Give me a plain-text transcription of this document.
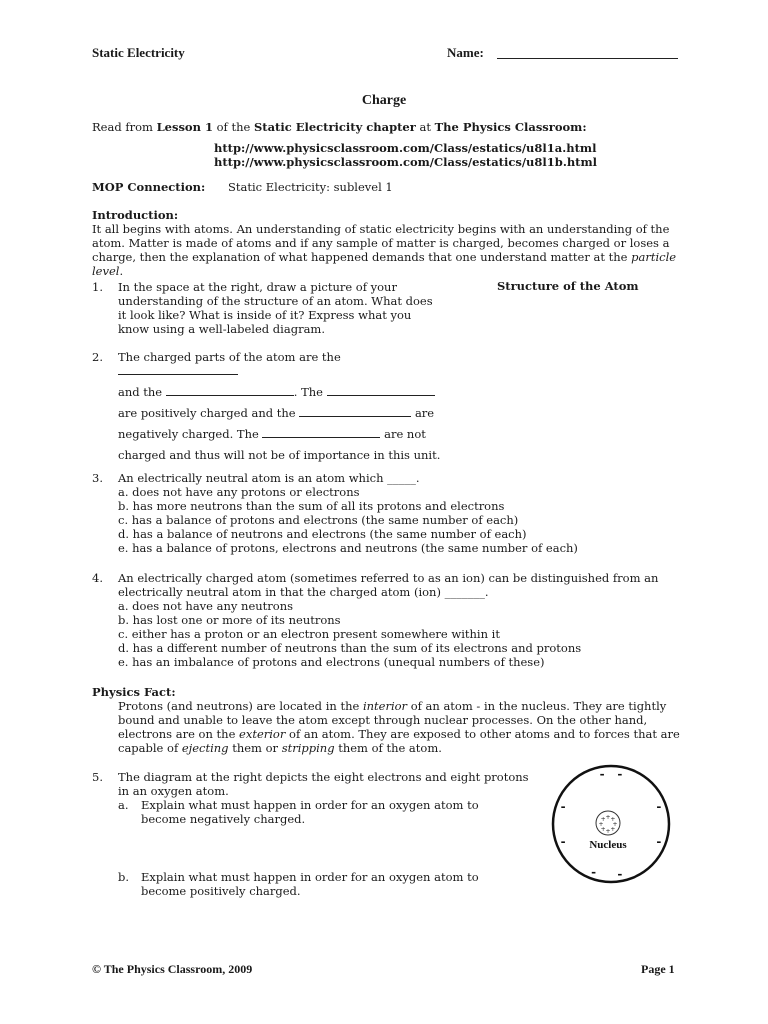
Static Electricity	Name:
Charge
Read from Lesson 1 of the Static Electricity chapter at The Physics Classroom:
http://www.physicsclassroom.com/Class/estatics/u8l1a.html
http://www.physicsclassroom.com/Class/estatics/u8l1b.html
MOP Connection: Static Electricity: sublevel 1
Introduction:
It all begins with atoms. An understanding of static electricity begins with an understanding of the atom. Matter is made of atoms and if any sample of matter is charged, becomes charged or loses a charge, then the explanation of what happened demands that one understand matter at the particle level.
1.	In the space at the right, draw a picture of your understanding of the structure of an atom. What does it look like? What is inside of it? Express what you know using a well-labeled diagram.
Structure of the Atom
2.	The charged parts of the atom are the

and the	. The

are positively charged and the	are

negatively charged. The	are not

charged and thus will not be of importance in this unit.

3.	An electrically neutral atom is an atom which _____.
a. does not have any protons or electrons
b. has more neutrons than the sum of all its protons and electrons
c. has a balance of protons and electrons (the same number of each)
d. has a balance of neutrons and electrons (the same number of each)
e. has a balance of protons, electrons and neutrons (the same number of each)
4.	An electrically charged atom (sometimes referred to as an ion) can be distinguished from an electrically neutral atom in that the charged atom (ion) _______.
a. does not have any neutrons
b. has lost one or more of its neutrons
c. either has a proton or an electron present somewhere within it
d. has a different number of neutrons than the sum of its electrons and protons
e. has an imbalance of protons and electrons (unequal numbers of these)
Physics Fact:
Protons (and neutrons) are located in the interior of an atom - in the nucleus. They are tightly bound and unable to leave the atom except through nuclear processes. On the other hand, electrons are on the exterior of an atom. They are exposed to other atoms and to forces that are capable of ejecting them or stripping them of the atom.
5.	The diagram at the right depicts the eight electrons and eight protons in an oxygen atom.
a. Explain what must happen in order for an oxygen atom to become negatively charged.
b. Explain what must happen in order for an oxygen atom to become positively charged.
+
+
+
+
+
+ + +
-
-
-
-
-
-
-
-
Nucleus
© The Physics Classroom, 2009	Page 1
